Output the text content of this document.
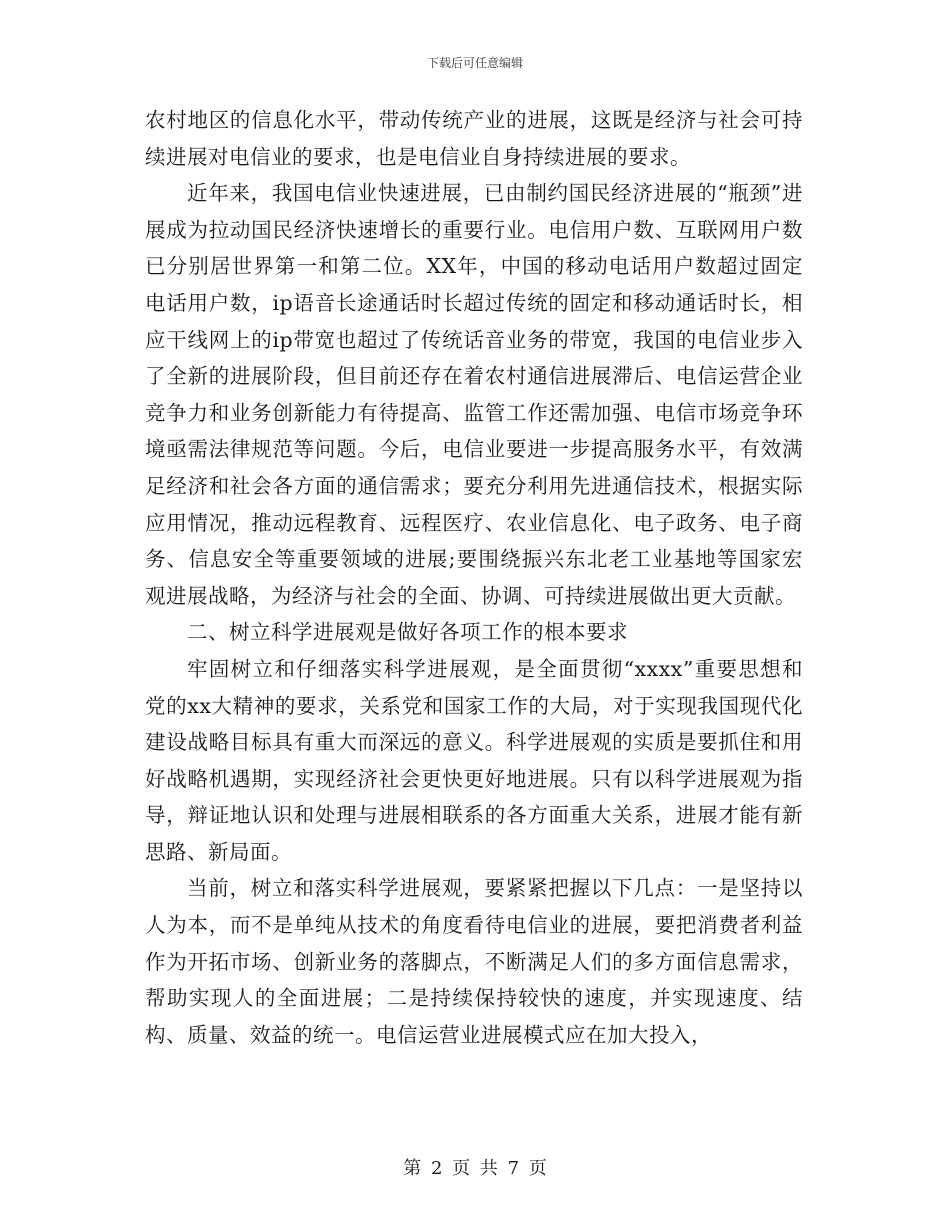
下载后可任意编辑

农村地区的信息化水平，带动传统产业的进展，这既是经济与社会可持续进展对电信业的要求，也是电信业自身持续进展的要求。

近年来，我国电信业快速进展，已由制约国民经济进展的“瓶颈”进展成为拉动国民经济快速增长的重要行业。电信用户数、互联网用户数已分别居世界第一和第二位。XX年，中国的移动电话用户数超过固定电话用户数，ip语音长途通话时长超过传统的固定和移动通话时长，相应干线网上的ip带宽也超过了传统话音业务的带宽，我国的电信业步入了全新的进展阶段，但目前还存在着农村通信进展滞后、电信运营企业竞争力和业务创新能力有待提高、监管工作还需加强、电信市场竞争环境亟需法律规范等问题。今后，电信业要进一步提高服务水平，有效满足经济和社会各方面的通信需求；要充分利用先进通信技术，根据实际应用情况，推动远程教育、远程医疗、农业信息化、电子政务、电子商务、信息安全等重要领域的进展;要围绕振兴东北老工业基地等国家宏观进展战略，为经济与社会的全面、协调、可持续进展做出更大贡献。

二、树立科学进展观是做好各项工作的根本要求

牢固树立和仔细落实科学进展观，是全面贯彻“xxxx”重要思想和党的xx大精神的要求，关系党和国家工作的大局，对于实现我国现代化建设战略目标具有重大而深远的意义。科学进展观的实质是要抓住和用好战略机遇期，实现经济社会更快更好地进展。只有以科学进展观为指导，辩证地认识和处理与进展相联系的各方面重大关系，进展才能有新思路、新局面。

当前，树立和落实科学进展观，要紧紧把握以下几点：一是坚持以人为本，而不是单纯从技术的角度看待电信业的进展，要把消费者利益作为开拓市场、创新业务的落脚点，不断满足人们的多方面信息需求，帮助实现人的全面进展；二是持续保持较快的速度，并实现速度、结构、质量、效益的统一。电信运营业进展模式应在加大投入，

第 2 页 共 7 页
